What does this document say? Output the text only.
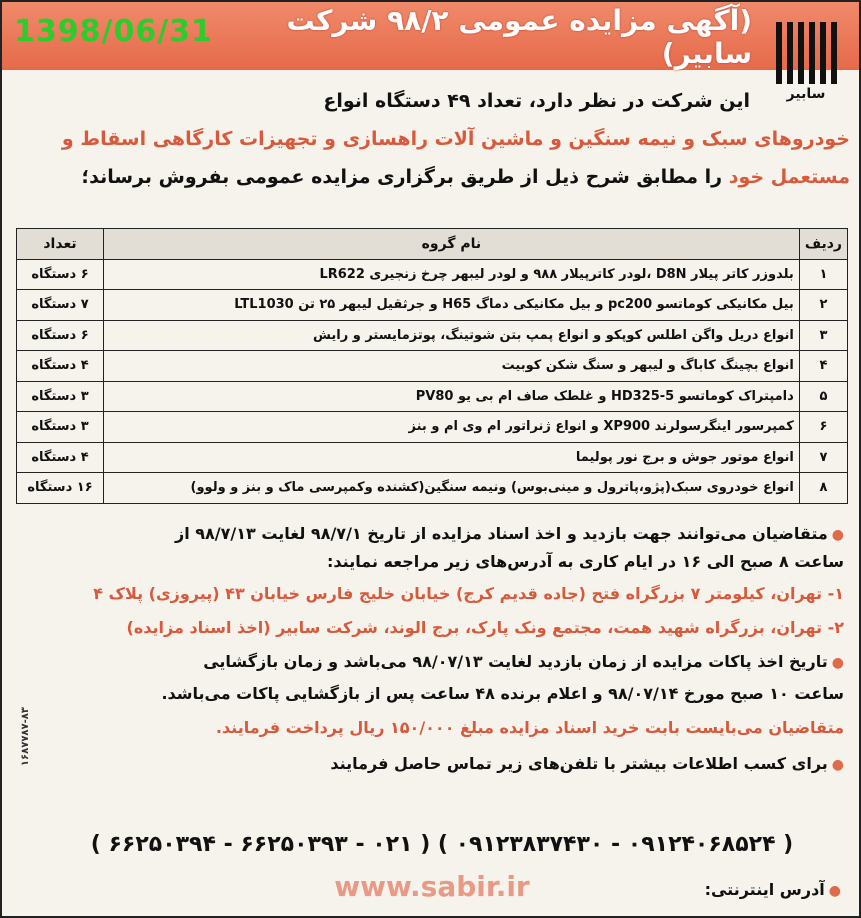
(آگهی مزایده عمومی ۹۸/۲ شرکت سابیر)
1398/06/31
سابیر
این شرکت در نظر دارد، تعداد ۴۹ دستگاه انواع
خودروهای سبک و نیمه سنگین و ماشین آلات راهسازی و تجهیزات کارگاهی اسقاط و
مستعمل خود را مطابق شرح ذیل از طریق برگزاری مزایده عمومی بفروش برساند؛
ردیف	نام گروه	تعداد
۱	بلدوزر کاتر پیلار D8N ،لودر کاترپیلار ۹۸۸ و لودر لیبهر چرخ زنجیری LR622	۶ دستگاه
۲	بیل مکانیکی کوماتسو pc200 و بیل مکانیکی دماگ H65 و جرثقیل لیبهر ۲۵ تن LTL1030	۷ دستگاه
۳	انواع دریل واگن اطلس کوپکو و انواع پمپ بتن شوتینگ، پوتزمایستر و رایش	۶ دستگاه
۴	انواع بچینگ کاباگ و لیبهر و سنگ شکن کوبیت	۴ دستگاه
۵	دامپتراک کوماتسو HD325-5 و غلطک صاف ام بی یو PV80	۳ دستگاه
۶	کمپرسور اینگرسولرند XP900 و انواع ژنراتور ام وی ام و بنز	۳ دستگاه
۷	انواع موتور جوش و برج نور پولیما	۴ دستگاه
۸	انواع خودروی سبک(پژو،پاترول و مینی‌بوس) ونیمه سنگین(کشنده وکمپرسی ماک و بنز و ولوو)	۱۶ دستگاه
●متقاضیان می‌توانند جهت بازدید و اخذ اسناد مزایده از تاریخ ۹۸/۷/۱ لغایت ۹۸/۷/۱۳ از
ساعت ۸ صبح الی ۱۶ در ایام کاری به آدرس‌های زیر مراجعه نمایند:
۱- تهران، کیلومتر ۷ بزرگراه فتح (جاده قدیم کرج) خیابان خلیج فارس خیابان ۴۳ (پیروزی) پلاک ۴
۲- تهران، بزرگراه شهید همت، مجتمع ونک پارک، برج الوند، شرکت سابیر (اخذ اسناد مزایده)
●تاریخ اخذ پاکات مزایده از زمان بازدید لغایت ۹۸/۰۷/۱۳ می‌باشد و زمان بازگشایی
ساعت ۱۰ صبح مورخ ۹۸/۰۷/۱۴ و اعلام برنده ۴۸ ساعت پس از بازگشایی پاکات می‌باشد.
متقاضیان می‌بایست بابت خرید اسناد مزایده مبلغ ۱۵۰/۰۰۰ ریال پرداخت فرمایند.
●برای کسب اطلاعات بیشتر با تلفن‌های زیر تماس حاصل فرمایند
۱۶۸۷۷۸۷-۸۳
( ۰۹۱۲۴۰۶۸۵۲۴ - ۰۹۱۲۳۸۳۷۴۳۰ ) ( ۰۲۱ - ۶۶۲۵۰۳۹۳ - ۶۶۲۵۰۳۹۴ )
www.sabir.ir	●آدرس اینترنتی:
